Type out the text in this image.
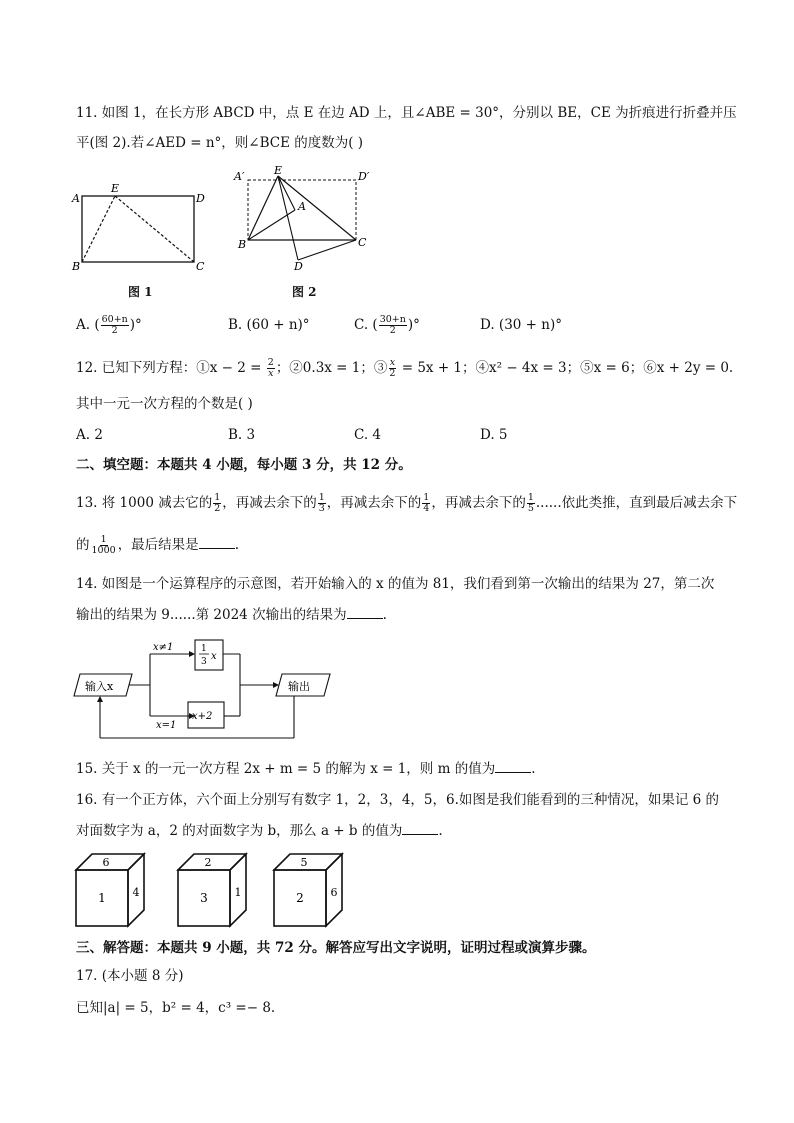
11. 如图 1，在长方形 ABCD 中，点 E 在边 AD 上，且∠ABE = 30°，分别以 BE，CE 为折痕进行折叠并压
平(图 2).若∠AED = n°，则∠BCE 的度数为( )
A
E
D
B	C
图 1
A′	E	D′
A
B	C
D
图 2
A. ( $\frac{60+n}{2}$ )°	B. (60 + n)°	C. ( $\frac{30+n}{2}$ )°	D. (30 + n)°
12. 已知下列方程：①x − $2 = \frac{2}{x}$ ；②0.3x = 1；③ $\frac{x}{2} = 5x + 1$；④x² − 4x = 3；⑤x = 6；⑥x + 2y = 0.
其中一元一次方程的个数是( )
A. 2	B. 3	C. 4	D. 5
二、填空题：本题共 4 小题，每小题 3 分，共 12 分。
13. 将 1000 减去它的 $\frac{1}{2}$ ，再减去余下的 $\frac{1}{3}$ ，再减去余下的 $\frac{1}{4}$ ，再减去余下的 $\frac{1}{5}$ ......依此类推，直到最后减去余下
的 $\frac{1}{1000}$ ，最后结果是	.
14. 如图是一个运算程序的示意图，若开始输入的 x 的值为 81，我们看到第一次输出的结果为 27，第二次
输出的结果为 9......第 2024 次输出的结果为	.
输入x
x≠1
x=1
1
3 x
x+2
输出
15. 关于 x 的一元一次方程 2x + m = 5 的解为 x = 1，则 m 的值为	.
16. 有一个正方体，六个面上分别写有数字 1，2，3，4，5，6.如图是我们能看到的三种情况，如果记 6 的
对面数字为 a，2 的对面数字为 b，那么 a + b 的值为	.
6
1 4
2
3 1
5
2 6
三、解答题：本题共 9 小题，共 72 分。解答应写出文字说明，证明过程或演算步骤。
17. (本小题 8 分)
已知|a| = 5，b² = 4，c³ =− 8.
